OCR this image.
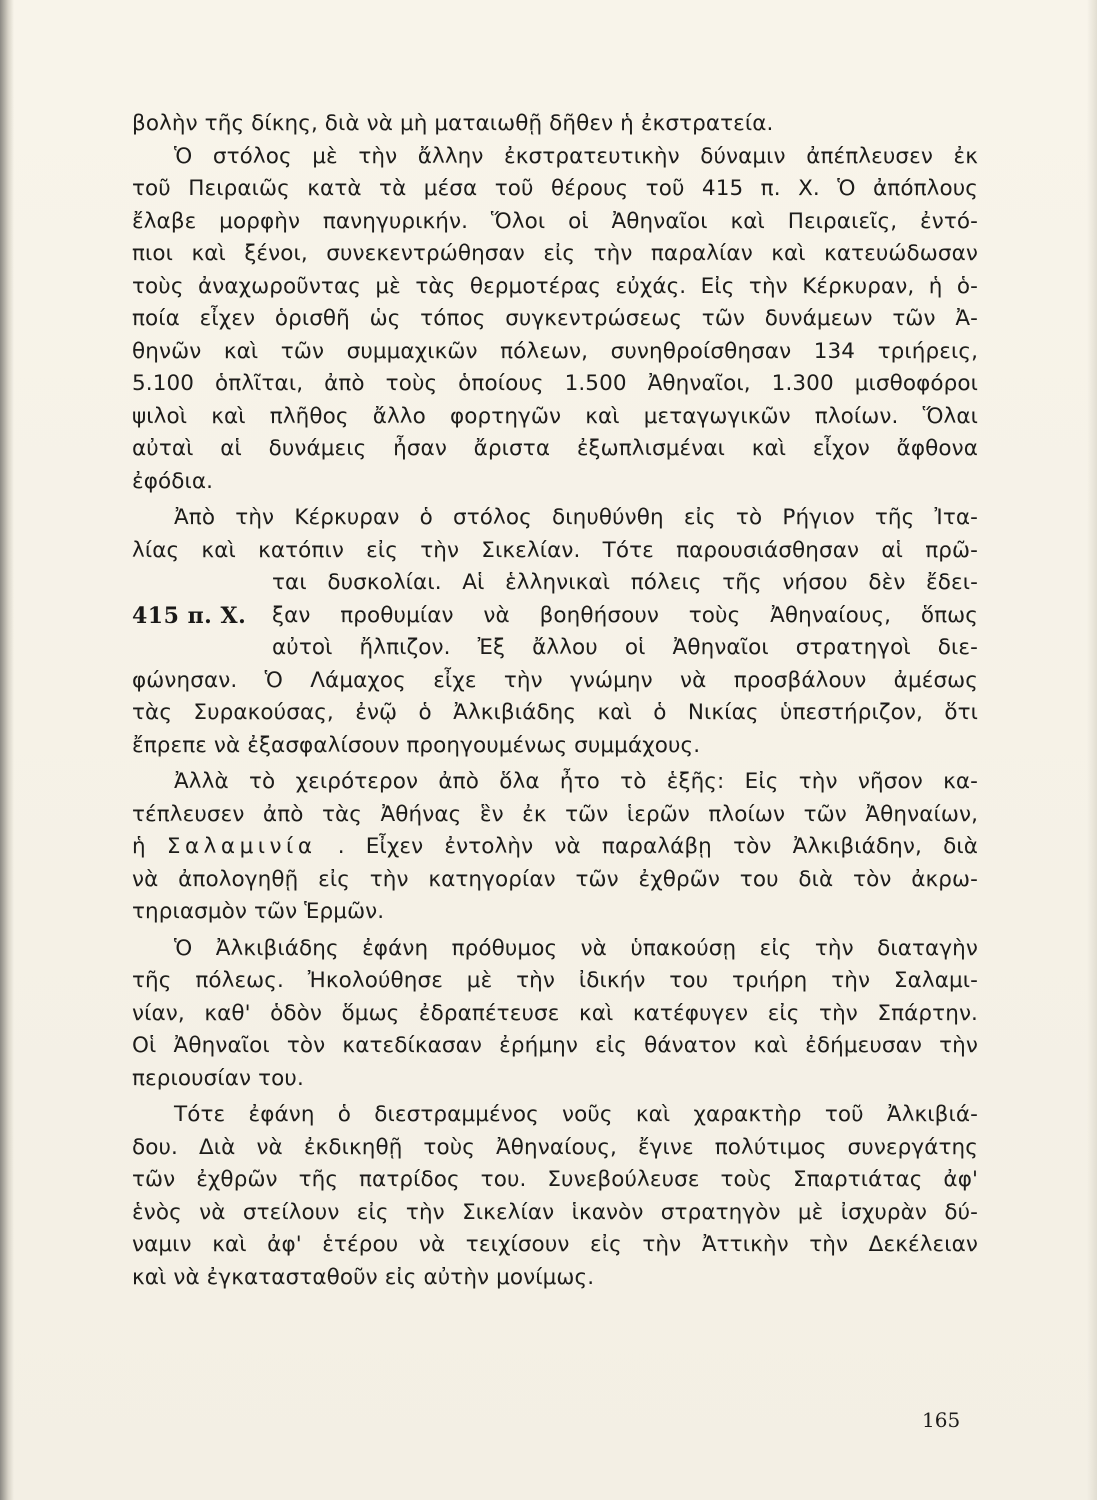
βολὴν τῆς δίκης, διὰ νὰ μὴ ματαιωθῇ δῆθεν ἡ ἐκστρατεία.
Ὁ στόλος μὲ τὴν ἄλλην ἐκστρατευτικὴν δύναμιν ἀπέπλευσεν ἐκ
τοῦ Πειραιῶς κατὰ τὰ μέσα τοῦ θέρους τοῦ 415 π. Χ. Ὁ ἀπόπλους
ἔλαβε μορφὴν πανηγυρικήν. Ὅλοι οἱ Ἀθηναῖοι καὶ Πειραιεῖς, ἐντό-
πιοι καὶ ξένοι, συνεκεντρώθησαν εἰς τὴν παραλίαν καὶ κατευώδωσαν
τοὺς ἀναχωροῦντας μὲ τὰς θερμοτέρας εὐχάς. Εἰς τὴν Κέρκυραν, ἡ ὁ-
ποία εἶχεν ὁρισθῆ ὡς τόπος συγκεντρώσεως τῶν δυνάμεων τῶν Ἀ-
θηνῶν καὶ τῶν συμμαχικῶν πόλεων, συνηθροίσθησαν 134 τριήρεις,
5.100 ὁπλῖται, ἀπὸ τοὺς ὁποίους 1.500 Ἀθηναῖοι, 1.300 μισθοφόροι
ψιλοὶ καὶ πλῆθος ἄλλο φορτηγῶν καὶ μεταγωγικῶν πλοίων. Ὅλαι
αὐταὶ αἱ δυνάμεις ἦσαν ἄριστα ἐξωπλισμέναι καὶ εἶχον ἄφθονα
ἐφόδια.
Ἀπὸ τὴν Κέρκυραν ὁ στόλος διηυθύνθη εἰς τὸ Ρήγιον τῆς Ἰτα-
λίας καὶ κατόπιν εἰς τὴν Σικελίαν. Τότε παρουσιάσθησαν αἱ πρῶ-
ται δυσκολίαι. Αἱ ἑλληνικαὶ πόλεις τῆς νήσου δὲν ἔδει-
415 π. Χ. ξαν προθυμίαν νὰ βοηθήσουν τοὺς Ἀθηναίους, ὅπως
αὐτοὶ ἤλπιζον. Ἐξ ἄλλου οἱ Ἀθηναῖοι στρατηγοὶ διε-
φώνησαν. Ὁ Λάμαχος εἶχε τὴν γνώμην νὰ προσβάλουν ἀμέσως
τὰς Συρακούσας, ἐνῷ ὁ Ἀλκιβιάδης καὶ ὁ Νικίας ὑπεστήριζον, ὅτι
ἔπρεπε νὰ ἐξασφαλίσουν προηγουμένως συμμάχους.
Ἀλλὰ τὸ χειρότερον ἀπὸ ὅλα ἦτο τὸ ἑξῆς: Εἰς τὴν νῆσον κα-
τέπλευσεν ἀπὸ τὰς Ἀθήνας ἓν ἐκ τῶν ἱερῶν πλοίων τῶν Ἀθηναίων,
ἡ Σαλαμινία . Εἶχεν ἐντολὴν νὰ παραλάβῃ τὸν Ἀλκιβιάδην, διὰ
νὰ ἀπολογηθῇ εἰς τὴν κατηγορίαν τῶν ἐχθρῶν του διὰ τὸν ἀκρω-
τηριασμὸν τῶν Ἑρμῶν.
Ὁ Ἀλκιβιάδης ἐφάνη πρόθυμος νὰ ὑπακούσῃ εἰς τὴν διαταγὴν
τῆς πόλεως. Ἠκολούθησε μὲ τὴν ἰδικήν του τριήρη τὴν Σαλαμι-
νίαν, καθ' ὁδὸν ὅμως ἐδραπέτευσε καὶ κατέφυγεν εἰς τὴν Σπάρτην.
Οἱ Ἀθηναῖοι τὸν κατεδίκασαν ἐρήμην εἰς θάνατον καὶ ἐδήμευσαν τὴν
περιουσίαν του.
Τότε ἐφάνη ὁ διεστραμμένος νοῦς καὶ χαρακτὴρ τοῦ Ἀλκιβιά-
δου. Διὰ νὰ ἐκδικηθῇ τοὺς Ἀθηναίους, ἔγινε πολύτιμος συνεργάτης
τῶν ἐχθρῶν τῆς πατρίδος του. Συνεβούλευσε τοὺς Σπαρτιάτας ἀφ'
ἑνὸς νὰ στείλουν εἰς τὴν Σικελίαν ἱκανὸν στρατηγὸν μὲ ἰσχυρὰν δύ-
ναμιν καὶ ἀφ' ἑτέρου νὰ τειχίσουν εἰς τὴν Ἀττικὴν τὴν Δεκέλειαν
καὶ νὰ ἐγκατασταθοῦν εἰς αὐτὴν μονίμως.
165
